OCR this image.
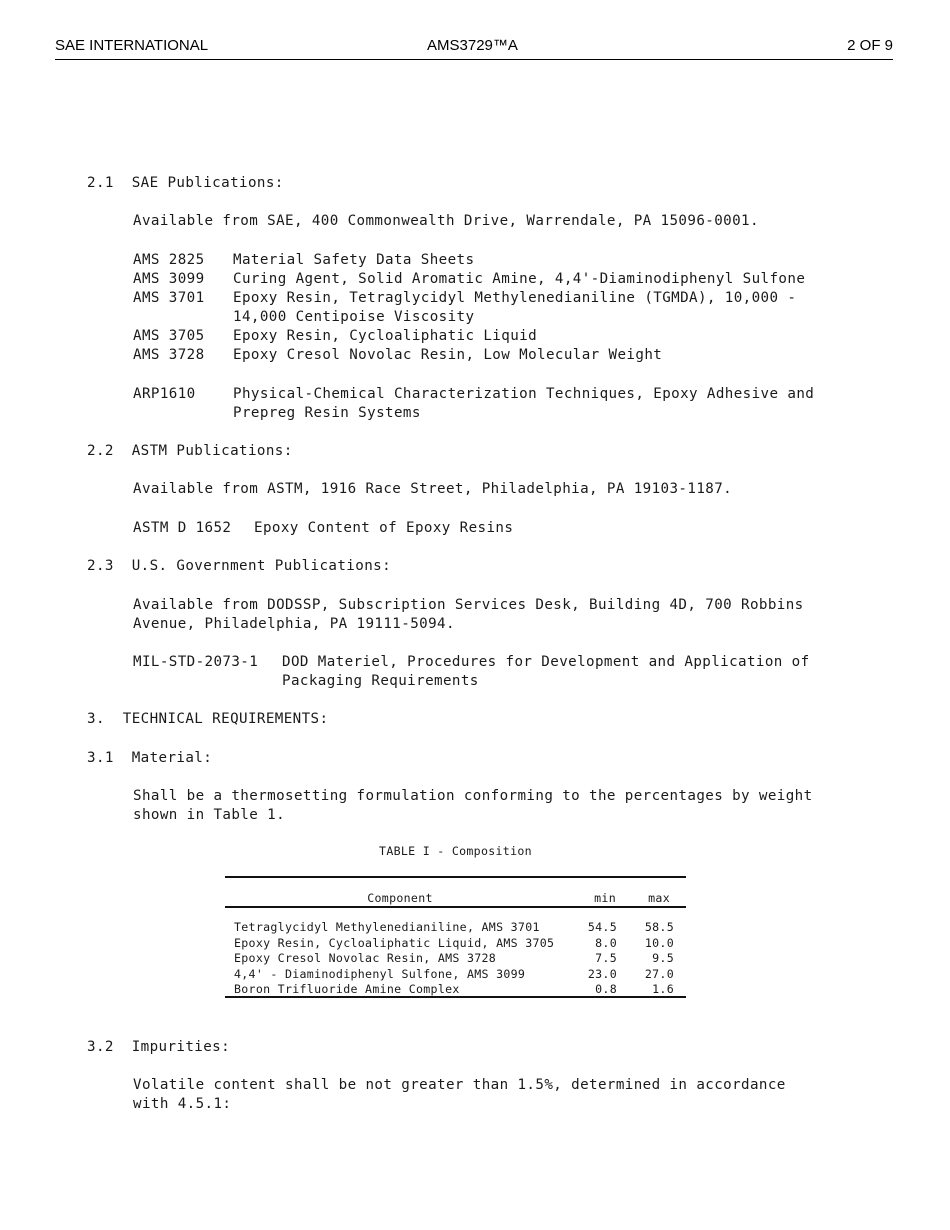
SAE INTERNATIONAL	AMS3729™A	2 OF 9
2.1  SAE Publications:
Available from SAE, 400 Commonwealth Drive, Warrendale, PA 15096-0001.
AMS 2825 Material Safety Data Sheets
AMS 3099 Curing Agent, Solid Aromatic Amine, 4,4'-Diaminodiphenyl Sulfone
AMS 3701 Epoxy Resin, Tetraglycidyl Methylenedianiline (TGMDA), 10,000 -
14,000 Centipoise Viscosity
AMS 3705 Epoxy Resin, Cycloaliphatic Liquid
AMS 3728 Epoxy Cresol Novolac Resin, Low Molecular Weight
ARP1610	Physical-Chemical Characterization Techniques, Epoxy Adhesive and
Prepreg Resin Systems
2.2  ASTM Publications:
Available from ASTM, 1916 Race Street, Philadelphia, PA 19103-1187.
ASTM D 1652 Epoxy Content of Epoxy Resins
2.3  U.S. Government Publications:
Available from DODSSP, Subscription Services Desk, Building 4D, 700 Robbins
Avenue, Philadelphia, PA 19111-5094.
MIL-STD-2073-1 DOD Materiel, Procedures for Development and Application of
Packaging Requirements
3.  TECHNICAL REQUIREMENTS:
3.1  Material:
Shall be a thermosetting formulation conforming to the percentages by weight
shown in Table 1.
TABLE I - Composition
Component	min	max
Tetraglycidyl Methylenedianiline, AMS 3701	54.5	58.5
Epoxy Resin, Cycloaliphatic Liquid, AMS 3705	8.0	10.0
Epoxy Cresol Novolac Resin, AMS 3728	7.5	9.5
4,4' - Diaminodiphenyl Sulfone, AMS 3099	23.0	27.0
Boron Trifluoride Amine Complex	0.8	1.6
3.2  Impurities:
Volatile content shall be not greater than 1.5%, determined in accordance
with 4.5.1:
